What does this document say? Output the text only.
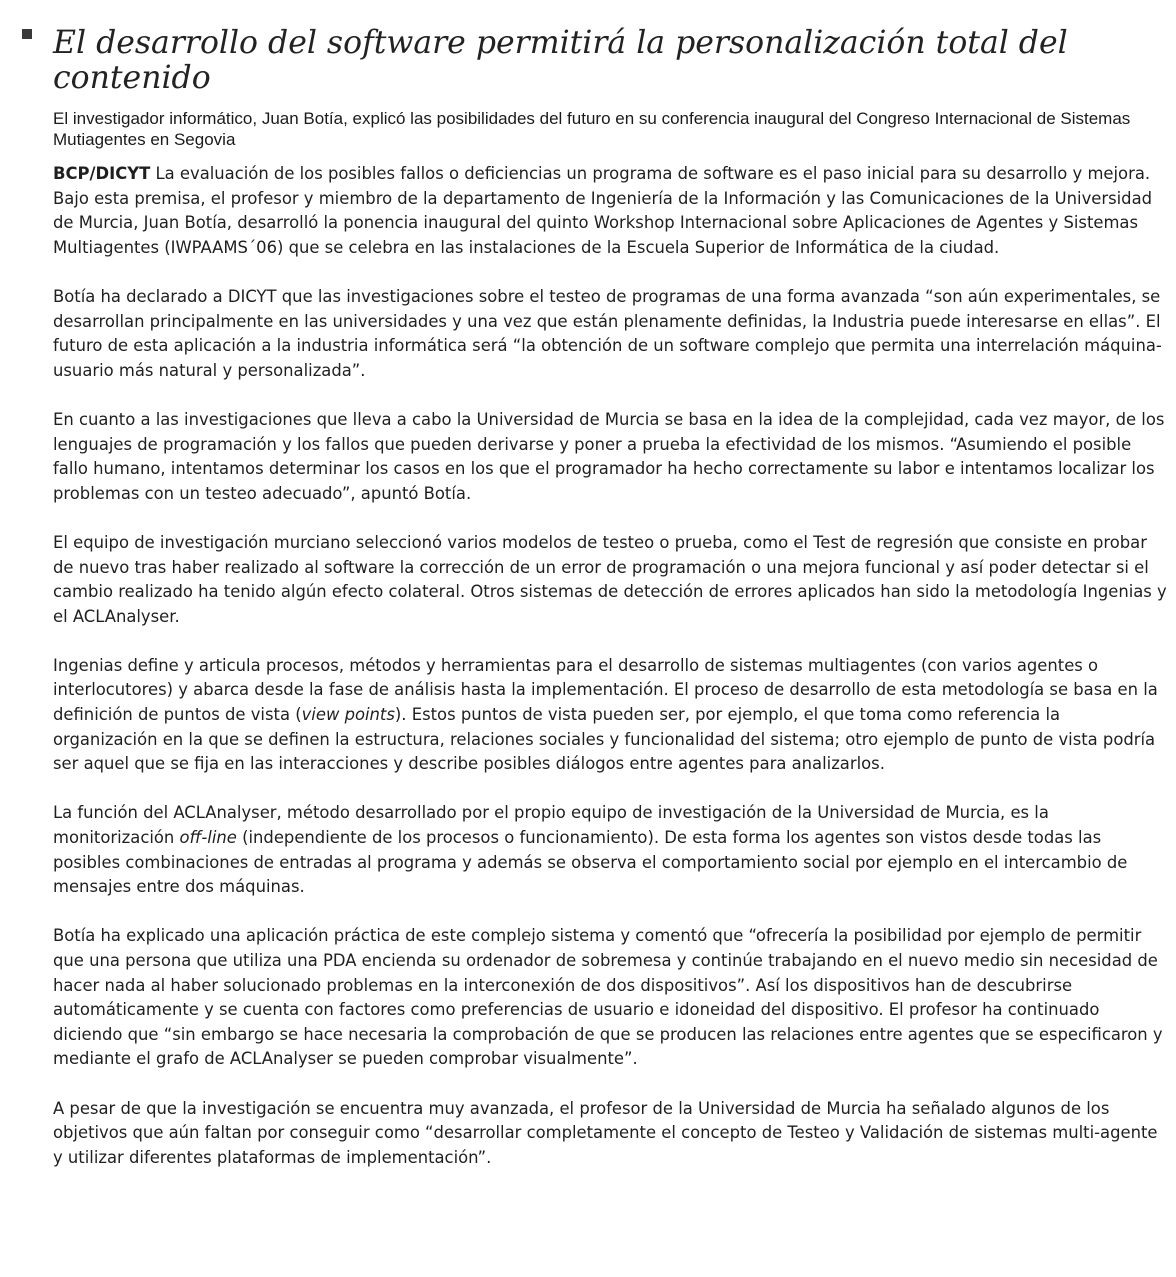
El desarrollo del software permitirá la personalización total del contenido

El investigador informático, Juan Botía, explicó las posibilidades del futuro en su conferencia inaugural del Congreso Internacional de Sistemas Mutiagentes en Segovia

BCP/DICYT La evaluación de los posibles fallos o deficiencias un programa de software es el paso inicial para su desarrollo y mejora. Bajo esta premisa, el profesor y miembro de la departamento de Ingeniería de la Información y las Comunicaciones de la Universidad de Murcia, Juan Botía, desarrolló la ponencia inaugural del quinto Workshop Internacional sobre Aplicaciones de Agentes y Sistemas Multiagentes (IWPAAMS´06) que se celebra en las instalaciones de la Escuela Superior de Informática de la ciudad.

Botía ha declarado a DICYT que las investigaciones sobre el testeo de programas de una forma avanzada “son aún experimentales, se desarrollan principalmente en las universidades y una vez que están plenamente definidas, la Industria puede interesarse en ellas”. El futuro de esta aplicación a la industria informática será “la obtención de un software complejo que permita una interrelación máquina-usuario más natural y personalizada”.

En cuanto a las investigaciones que lleva a cabo la Universidad de Murcia se basa en la idea de la complejidad, cada vez mayor, de los lenguajes de programación y los fallos que pueden derivarse y poner a prueba la efectividad de los mismos. “Asumiendo el posible fallo humano, intentamos determinar los casos en los que el programador ha hecho correctamente su labor e intentamos localizar los problemas con un testeo adecuado”, apuntó Botía.

El equipo de investigación murciano seleccionó varios modelos de testeo o prueba, como el Test de regresión que consiste en probar de nuevo tras haber realizado al software la corrección de un error de programación o una mejora funcional y así poder detectar si el cambio realizado ha tenido algún efecto colateral. Otros sistemas de detección de errores aplicados han sido la metodología Ingenias y el ACLAnalyser.

Ingenias define y articula procesos, métodos y herramientas para el desarrollo de sistemas multiagentes (con varios agentes o interlocutores) y abarca desde la fase de análisis hasta la implementación. El proceso de desarrollo de esta metodología se basa en la definición de puntos de vista (view points). Estos puntos de vista pueden ser, por ejemplo, el que toma como referencia la organización en la que se definen la estructura, relaciones sociales y funcionalidad del sistema; otro ejemplo de punto de vista podría ser aquel que se fija en las interacciones y describe posibles diálogos entre agentes para analizarlos.

La función del ACLAnalyser, método desarrollado por el propio equipo de investigación de la Universidad de Murcia, es la monitorización off-line (independiente de los procesos o funcionamiento). De esta forma los agentes son vistos desde todas las posibles combinaciones de entradas al programa y además se observa el comportamiento social por ejemplo en el intercambio de mensajes entre dos máquinas.

Botía ha explicado una aplicación práctica de este complejo sistema y comentó que “ofrecería la posibilidad por ejemplo de permitir que una persona que utiliza una PDA encienda su ordenador de sobremesa y continúe trabajando en el nuevo medio sin necesidad de hacer nada al haber solucionado problemas en la interconexión de dos dispositivos”. Así los dispositivos han de descubrirse automáticamente y se cuenta con factores como preferencias de usuario e idoneidad del dispositivo. El profesor ha continuado diciendo que “sin embargo se hace necesaria la comprobación de que se producen las relaciones entre agentes que se especificaron y mediante el grafo de ACLAnalyser se pueden comprobar visualmente”.

A pesar de que la investigación se encuentra muy avanzada, el profesor de la Universidad de Murcia ha señalado algunos de los objetivos que aún faltan por conseguir como “desarrollar completamente el concepto de Testeo y Validación de sistemas multi-agente y utilizar diferentes plataformas de implementación”.
